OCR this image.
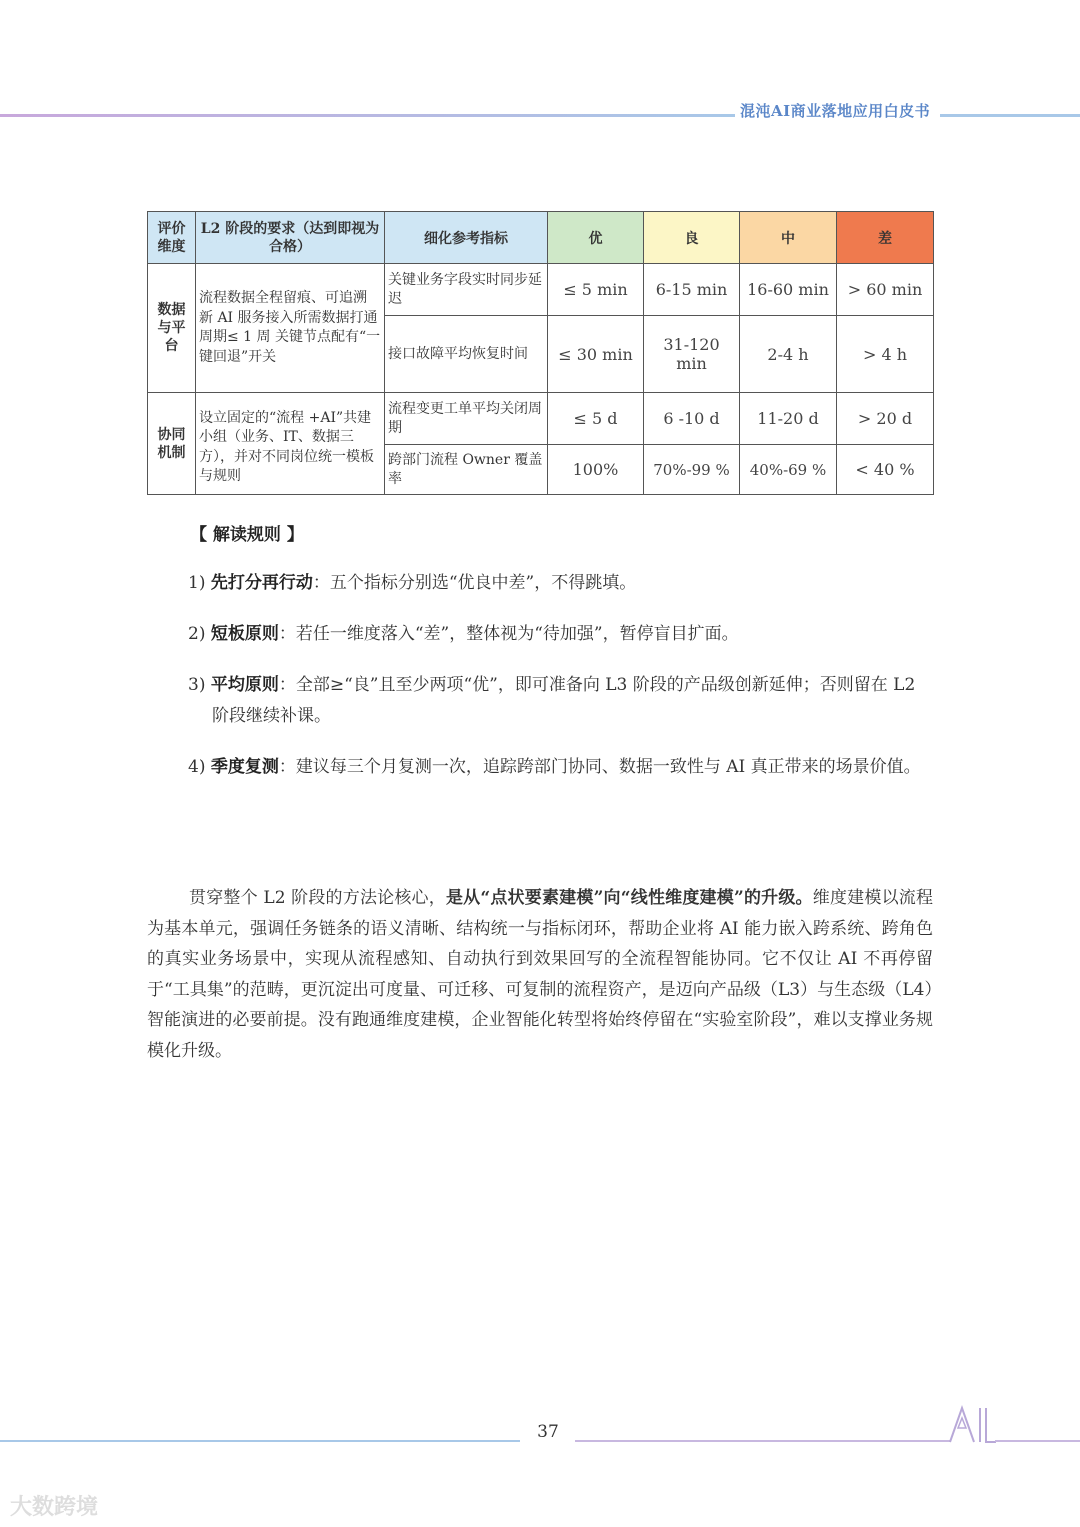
混沌AI商业落地应用白皮书
评价维度	L2 阶段的要求（达到即视为合格）	细化参考指标	优	良	中	差
数据与平台	流程数据全程留痕、可追溯 新 AI 服务接入所需数据打通周期≤ 1 周 关键节点配有“一键回退”开关	关键业务字段实时同步延迟	≤ 5 min	6-15 min	16-60 min	> 60 min
		接口故障平均恢复时间	≤ 30 min	31-120 min	2-4 h	> 4 h
协同机制	设立固定的“流程 +AI”共建小组（业务、IT、数据三方），并对不同岗位统一模板与规则	流程变更工单平均关闭周期	≤ 5 d	6 -10 d	11-20 d	> 20 d
		跨部门流程 Owner 覆盖率	100%	70%-99 %	40%-69 %	< 40 %
【 解读规则 】
1) 先打分再行动：五个指标分别选“优良中差”，不得跳填。
2) 短板原则：若任一维度落入“差”，整体视为“待加强”，暂停盲目扩面。
3) 平均原则：全部≥“良”且至少两项“优”，即可准备向 L3 阶段的产品级创新延伸；否则留在 L2 阶段继续补课。
4) 季度复测：建议每三个月复测一次，追踪跨部门协同、数据一致性与 AI 真正带来的场景价值。
贯穿整个 L2 阶段的方法论核心，是从“点状要素建模”向“线性维度建模”的升级。维度建模以流程为基本单元，强调任务链条的语义清晰、结构统一与指标闭环，帮助企业将 AI 能力嵌入跨系统、跨角色的真实业务场景中，实现从流程感知、自动执行到效果回写的全流程智能协同。它不仅让 AI 不再停留于“工具集”的范畴，更沉淀出可度量、可迁移、可复制的流程资产，是迈向产品级（L3）与生态级（L4）智能演进的必要前提。没有跑通维度建模，企业智能化转型将始终停留在“实验室阶段”，难以支撑业务规模化升级。
37
大数跨境
